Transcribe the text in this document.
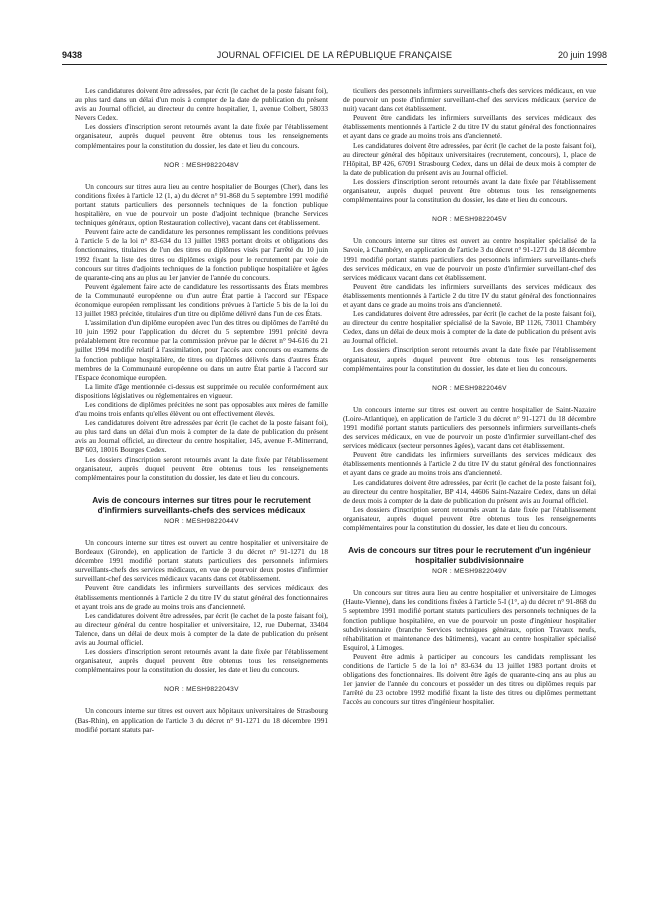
9438	JOURNAL OFFICIEL DE LA RÉPUBLIQUE FRANÇAISE	20 juin 1998

Les candidatures doivent être adressées, par écrit (le cachet de la poste faisant foi), au plus tard dans un délai d'un mois à compter de la date de publication du présent avis au Journal officiel, au directeur du centre hospitalier, 1, avenue Colbert, 58033 Nevers Cedex.

Les dossiers d'inscription seront retournés avant la date fixée par l'établissement organisateur, auprès duquel peuvent être obtenus tous les renseignements complémentaires pour la constitution du dossier, les date et lieu du concours.

NOR : MESH9822048V

Un concours sur titres aura lieu au centre hospitalier de Bourges (Cher), dans les conditions fixées à l'article 12 (1, a) du décret n° 91-868 du 5 septembre 1991 modifié portant statuts particuliers des personnels techniques de la fonction publique hospitalière, en vue de pourvoir un poste d'adjoint technique (branche Services techniques généraux, option Restauration collective), vacant dans cet établissement.

Peuvent faire acte de candidature les personnes remplissant les conditions prévues à l'article 5 de la loi n° 83-634 du 13 juillet 1983 portant droits et obligations des fonctionnaires, titulaires de l'un des titres ou diplômes visés par l'arrêté du 10 juin 1992 fixant la liste des titres ou diplômes exigés pour le recrutement par voie de concours sur titres d'adjoints techniques de la fonction publique hospitalière et âgées de quarante-cinq ans au plus au 1er janvier de l'année du concours.

Peuvent également faire acte de candidature les ressortissants des États membres de la Communauté européenne ou d'un autre État partie à l'accord sur l'Espace économique européen remplissant les conditions prévues à l'article 5 bis de la loi du 13 juillet 1983 précitée, titulaires d'un titre ou diplôme délivré dans l'un de ces États.

L'assimilation d'un diplôme européen avec l'un des titres ou diplômes de l'arrêté du 10 juin 1992 pour l'application du décret du 5 septembre 1991 précité devra préalablement être reconnue par la commission prévue par le décret n° 94-616 du 21 juillet 1994 modifié relatif à l'assimilation, pour l'accès aux concours ou examens de la fonction publique hospitalière, de titres ou diplômes délivrés dans d'autres États membres de la Communauté européenne ou dans un autre État partie à l'accord sur l'Espace économique européen.

La limite d'âge mentionnée ci-dessus est supprimée ou reculée conformément aux dispositions législatives ou réglementaires en vigueur.

Les conditions de diplômes précitées ne sont pas opposables aux mères de famille d'au moins trois enfants qu'elles élèvent ou ont effectivement élevés.

Les candidatures doivent être adressées par écrit (le cachet de la poste faisant foi), au plus tard dans un délai d'un mois à compter de la date de publication du présent avis au Journal officiel, au directeur du centre hospitalier, 145, avenue F.-Mitterrand, BP 603, 18016 Bourges Cedex.

Les dossiers d'inscription seront retournés avant la date fixée par l'établissement organisateur, auprès duquel peuvent être obtenus tous les renseignements complémentaires pour la constitution du dossier, les date et lieu du concours.

Avis de concours internes sur titres pour le recrutement d'infirmiers surveillants-chefs des services médicaux
NOR : MESH9822044V

Un concours interne sur titres est ouvert au centre hospitalier et universitaire de Bordeaux (Gironde), en application de l'article 3 du décret n° 91-1271 du 18 décembre 1991 modifié portant statuts particuliers des personnels infirmiers surveillants-chefs des services médicaux, en vue de pourvoir deux postes d'infirmier surveillant-chef des services médicaux vacants dans cet établissement.

Peuvent être candidats les infirmiers surveillants des services médicaux des établissements mentionnés à l'article 2 du titre IV du statut général des fonctionnaires et ayant trois ans de grade au moins trois ans d'ancienneté.

Les candidatures doivent être adressées, par écrit (le cachet de la poste faisant foi), au directeur général du centre hospitalier et universitaire, 12, rue Dubernat, 33404 Talence, dans un délai de deux mois à compter de la date de publication du présent avis au Journal officiel.

Les dossiers d'inscription seront retournés avant la date fixée par l'établissement organisateur, auprès duquel peuvent être obtenus tous les renseignements complémentaires pour la constitution du dossier, les date et lieu du concours.

NOR : MESH9822043V

Un concours interne sur titres est ouvert aux hôpitaux universitaires de Strasbourg (Bas-Rhin), en application de l'article 3 du décret n° 91-1271 du 18 décembre 1991 modifié portant statuts par-

ticuliers des personnels infirmiers surveillants-chefs des services médicaux, en vue de pourvoir un poste d'infirmier surveillant-chef des services médicaux (service de nuit) vacant dans cet établissement.

Peuvent être candidats les infirmiers surveillants des services médicaux des établissements mentionnés à l'article 2 du titre IV du statut général des fonctionnaires et ayant dans ce grade au moins trois ans d'ancienneté.

Les candidatures doivent être adressées, par écrit (le cachet de la poste faisant foi), au directeur général des hôpitaux universitaires (recrutement, concours), 1, place de l'Hôpital, BP 426, 67091 Strasbourg Cedex, dans un délai de deux mois à compter de la date de publication du présent avis au Journal officiel.

Les dossiers d'inscription seront retournés avant la date fixée par l'établissement organisateur, auprès duquel peuvent être obtenus tous les renseignements complémentaires pour la constitution du dossier, les date et lieu du concours.

NOR : MESH9822045V

Un concours interne sur titres est ouvert au centre hospitalier spécialisé de la Savoie, à Chambéry, en application de l'article 3 du décret n° 91-1271 du 18 décembre 1991 modifié portant statuts particuliers des personnels infirmiers surveillants-chefs des services médicaux, en vue de pourvoir un poste d'infirmier surveillant-chef des services médicaux vacant dans cet établissement.

Peuvent être candidats les infirmiers surveillants des services médicaux des établissements mentionnés à l'article 2 du titre IV du statut général des fonctionnaires et ayant dans ce grade au moins trois ans d'ancienneté.

Les candidatures doivent être adressées, par écrit (le cachet de la poste faisant foi), au directeur du centre hospitalier spécialisé de la Savoie, BP 1126, 73011 Chambéry Cedex, dans un délai de deux mois à compter de la date de publication du présent avis au Journal officiel.

Les dossiers d'inscription seront retournés avant la date fixée par l'établissement organisateur, auprès duquel peuvent être obtenus tous les renseignements complémentaires pour la constitution du dossier, les date et lieu du concours.

NOR : MESH9822046V

Un concours interne sur titres est ouvert au centre hospitalier de Saint-Nazaire (Loire-Atlantique), en application de l'article 3 du décret n° 91-1271 du 18 décembre 1991 modifié portant statuts particuliers des personnels infirmiers surveillants-chefs des services médicaux, en vue de pourvoir un poste d'infirmier surveillant-chef des services médicaux (secteur personnes âgées), vacant dans cet établissement.

Peuvent être candidats les infirmiers surveillants des services médicaux des établissements mentionnés à l'article 2 du titre IV du statut général des fonctionnaires et ayant dans ce grade au moins trois ans d'ancienneté.

Les candidatures doivent être adressées, par écrit (le cachet de la poste faisant foi), au directeur du centre hospitalier, BP 414, 44606 Saint-Nazaire Cedex, dans un délai de deux mois à compter de la date de publication du présent avis au Journal officiel.

Les dossiers d'inscription seront retournés avant la date fixée par l'établissement organisateur, auprès duquel peuvent être obtenus tous les renseignements complémentaires pour la constitution du dossier, les date et lieu du concours.

Avis de concours sur titres pour le recrutement d'un ingénieur hospitalier subdivisionnaire
NOR : MESH9822049V

Un concours sur titres aura lieu au centre hospitalier et universitaire de Limoges (Haute-Vienne), dans les conditions fixées à l'article 5-I (1°, a) du décret n° 91-868 du 5 septembre 1991 modifié portant statuts particuliers des personnels techniques de la fonction publique hospitalière, en vue de pourvoir un poste d'ingénieur hospitalier subdivisionnaire (branche Services techniques généraux, option Travaux neufs, réhabilitation et maintenance des bâtiments), vacant au centre hospitalier spécialisé Esquirol, à Limoges.

Peuvent être admis à participer au concours les candidats remplissant les conditions de l'article 5 de la loi n° 83-634 du 13 juillet 1983 portant droits et obligations des fonctionnaires. Ils doivent être âgés de quarante-cinq ans au plus au 1er janvier de l'année du concours et posséder un des titres ou diplômes requis par l'arrêté du 23 octobre 1992 modifié fixant la liste des titres ou diplômes permettant l'accès au concours sur titres d'ingénieur hospitalier.
